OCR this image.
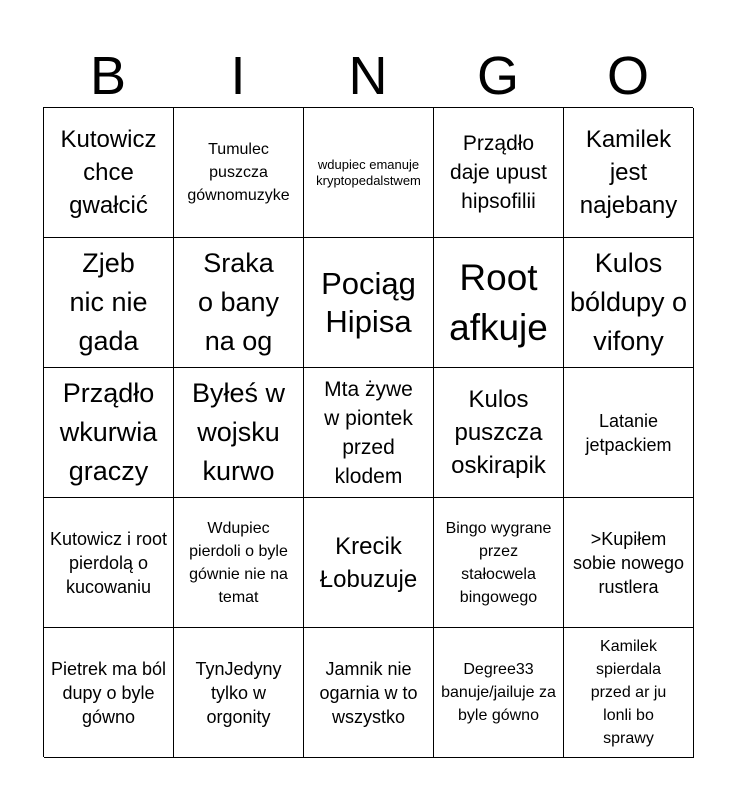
B	I	N	G	O
Kutowicz chce gwałcić
Tumulec puszcza gównomuzyke
wdupiec emanuje kryptopedalstwem
Prządło daje upust hipsofilii
Kamilek jest najebany
Zjeb nic nie gada
Sraka o bany na og
Pociąg Hipisa
Root afkuje
Kulos bóldupy o vifony
Prządło wkurwia graczy
Byłeś w wojsku kurwo
Mta żywe w piontek przed klodem
Kulos puszcza oskirapik
Latanie jetpackiem
Kutowicz i root pierdolą o kucowaniu
Wdupiec pierdoli o byle gównie nie na temat
Krecik Łobuzuje
Bingo wygrane przez stałocwela bingowego
>Kupiłem sobie nowego rustlera
Pietrek ma ból dupy o byle gówno
TynJedyny tylko w orgonity
Jamnik nie ogarnia w to wszystko
Degree33 banuje/jailuje za byle gówno
Kamilek spierdala przed ar ju lonli bo sprawy
